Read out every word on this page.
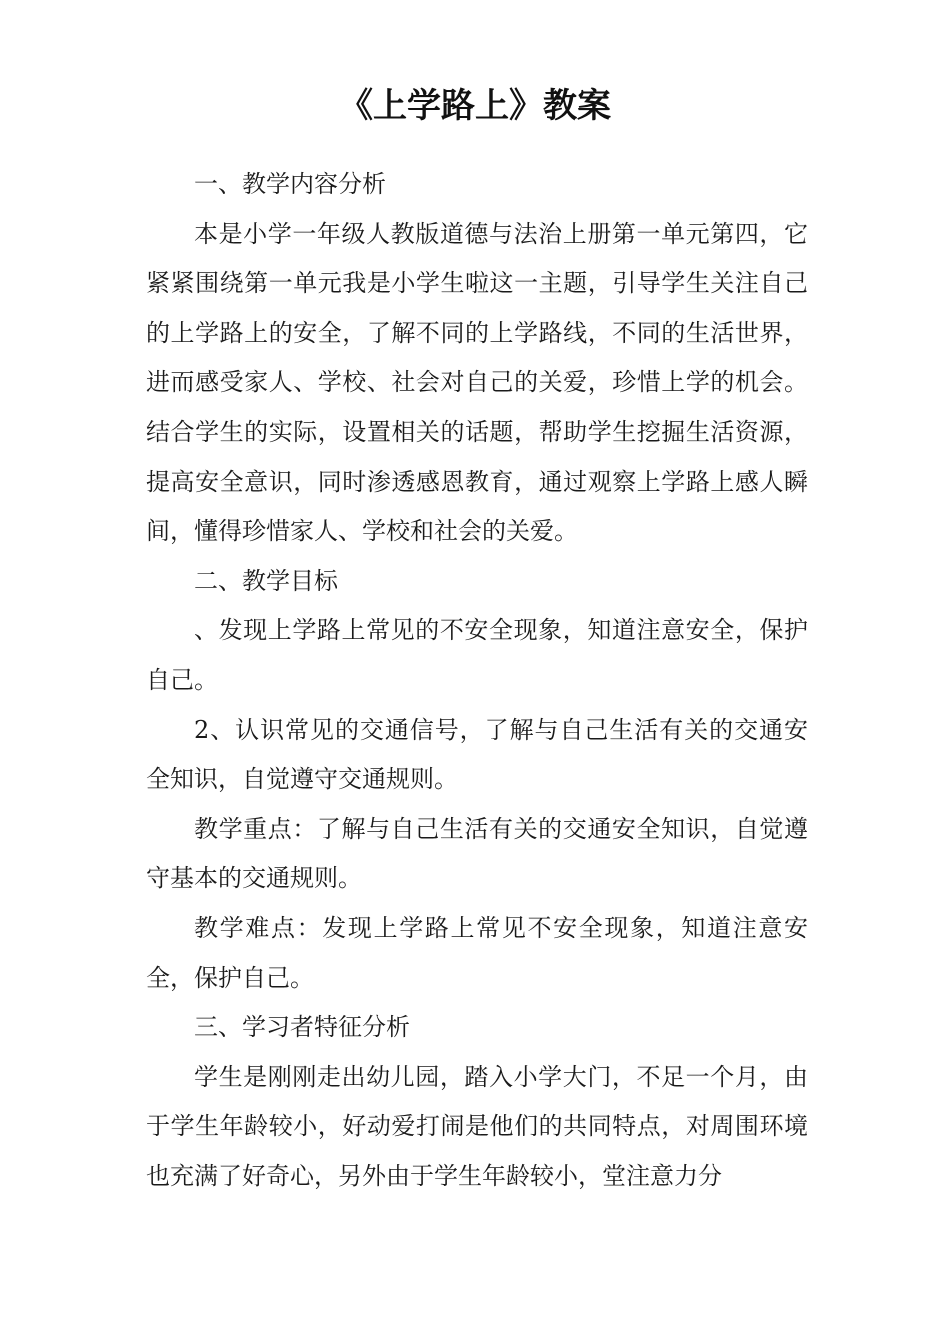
《上学路上》教案

一、教学内容分析

本是小学一年级人教版道德与法治上册第一单元第四，它紧紧围绕第一单元我是小学生啦这一主题，引导学生关注自己的上学路上的安全，了解不同的上学路线，不同的生活世界，进而感受家人、学校、社会对自己的关爱，珍惜上学的机会。结合学生的实际，设置相关的话题，帮助学生挖掘生活资源，提高安全意识，同时渗透感恩教育，通过观察上学路上感人瞬间，懂得珍惜家人、学校和社会的关爱。

二、教学目标

、发现上学路上常见的不安全现象，知道注意安全，保护自己。

2、认识常见的交通信号，了解与自己生活有关的交通安全知识，自觉遵守交通规则。

教学重点：了解与自己生活有关的交通安全知识，自觉遵守基本的交通规则。

教学难点：发现上学路上常见不安全现象，知道注意安全，保护自己。

三、学习者特征分析

学生是刚刚走出幼儿园，踏入小学大门，不足一个月，由于学生年龄较小，好动爱打闹是他们的共同特点，对周围环境也充满了好奇心，另外由于学生年龄较小，堂注意力分
